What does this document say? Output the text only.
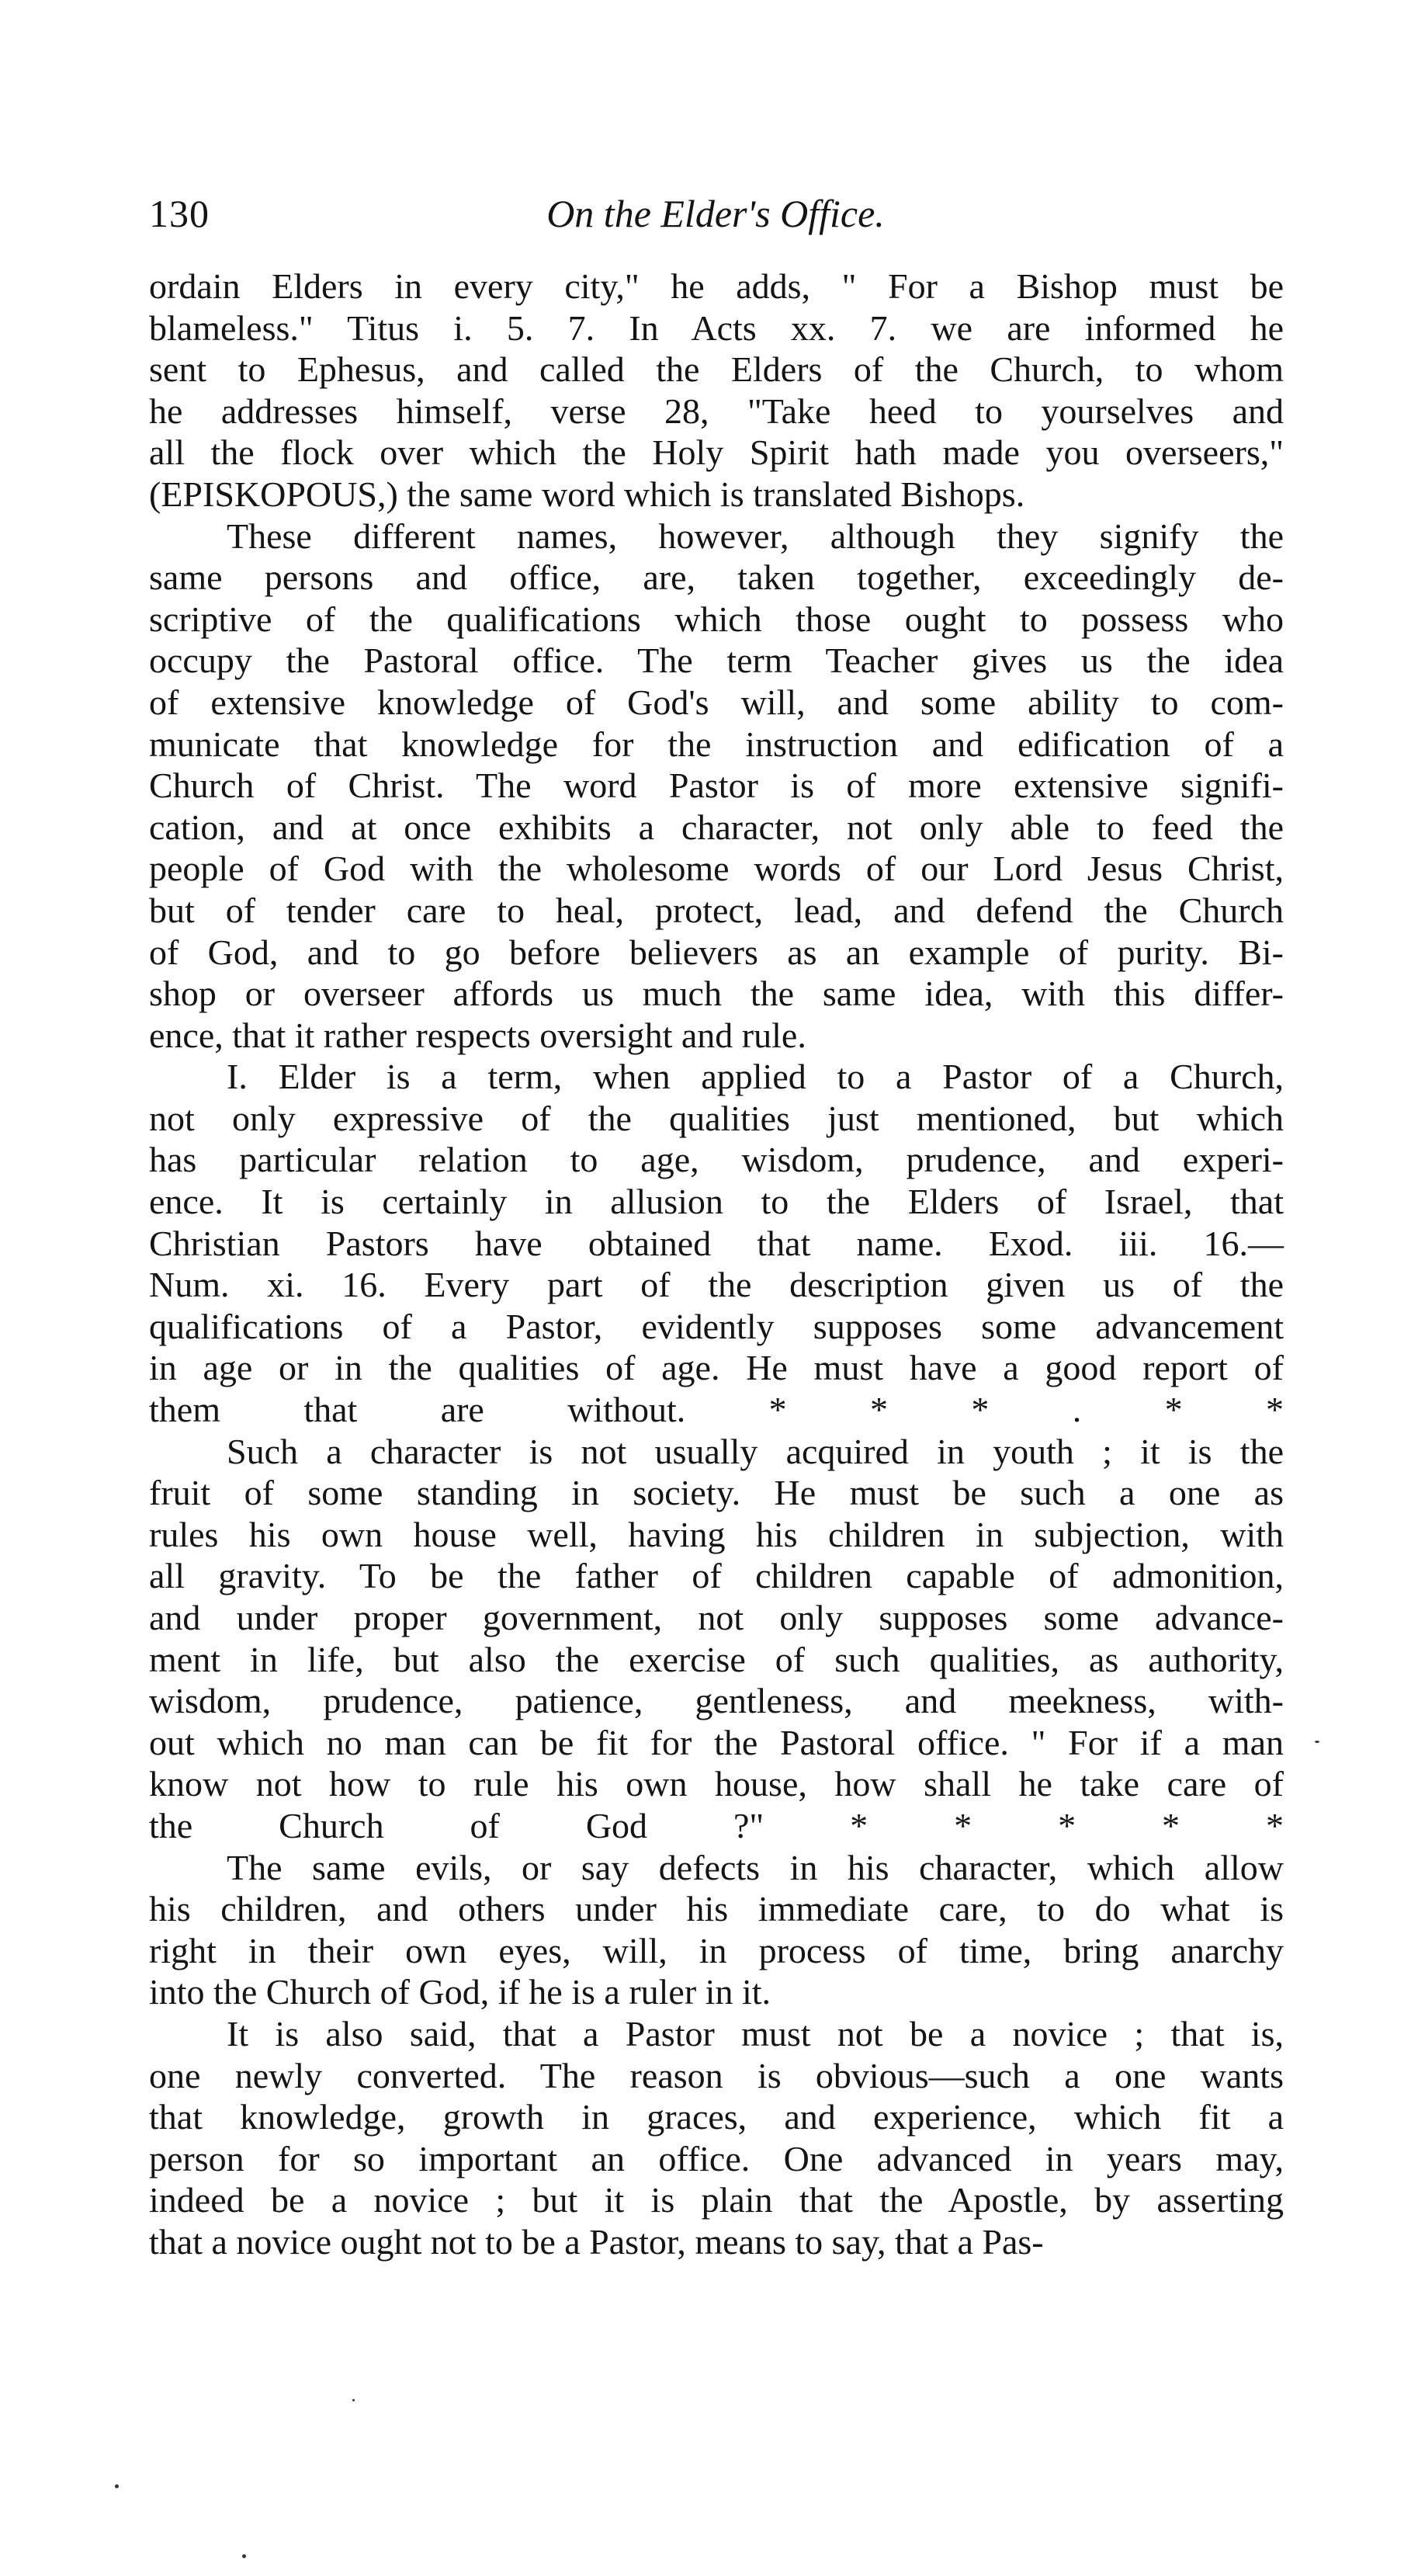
130	On the Elder's Office.
ordain Elders in every city," he adds, " For a Bishop must be
blameless." Titus i. 5. 7. In Acts xx. 7. we are informed he
sent to Ephesus, and called the Elders of the Church, to whom
he addresses himself, verse 28, "Take heed to yourselves and
all the flock over which the Holy Spirit hath made you overseers,"
(EPISKOPOUS,) the same word which is translated Bishops.
These different names, however, although they signify the
same persons and office, are, taken together, exceedingly de-
scriptive of the qualifications which those ought to possess who
occupy the Pastoral office. The term Teacher gives us the idea
of extensive knowledge of God's will, and some ability to com-
municate that knowledge for the instruction and edification of a
Church of Christ. The word Pastor is of more extensive signifi-
cation, and at once exhibits a character, not only able to feed the
people of God with the wholesome words of our Lord Jesus Christ,
but of tender care to heal, protect, lead, and defend the Church
of God, and to go before believers as an example of purity. Bi-
shop or overseer affords us much the same idea, with this differ-
ence, that it rather respects oversight and rule.
I. Elder is a term, when applied to a Pastor of a Church,
not only expressive of the qualities just mentioned, but which
has particular relation to age, wisdom, prudence, and experi-
ence. It is certainly in allusion to the Elders of Israel, that
Christian Pastors have obtained that name. Exod. iii. 16.—
Num. xi. 16. Every part of the description given us of the
qualifications of a Pastor, evidently supposes some advancement
in age or in the qualities of age. He must have a good report of
them that are without. * * * . * *
Such a character is not usually acquired in youth ; it is the
fruit of some standing in society. He must be such a one as
rules his own house well, having his children in subjection, with
all gravity. To be the father of children capable of admonition,
and under proper government, not only supposes some advance-
ment in life, but also the exercise of such qualities, as authority,
wisdom, prudence, patience, gentleness, and meekness, with-
out which no man can be fit for the Pastoral office. " For if a man
know not how to rule his own house, how shall he take care of
the Church of God ?" * * * * *
The same evils, or say defects in his character, which allow
his children, and others under his immediate care, to do what is
right in their own eyes, will, in process of time, bring anarchy
into the Church of God, if he is a ruler in it.
It is also said, that a Pastor must not be a novice ; that is,
one newly converted. The reason is obvious—such a one wants
that knowledge, growth in graces, and experience, which fit a
person for so important an office. One advanced in years may,
indeed be a novice ; but it is plain that the Apostle, by asserting
that a novice ought not to be a Pastor, means to say, that a Pas-
